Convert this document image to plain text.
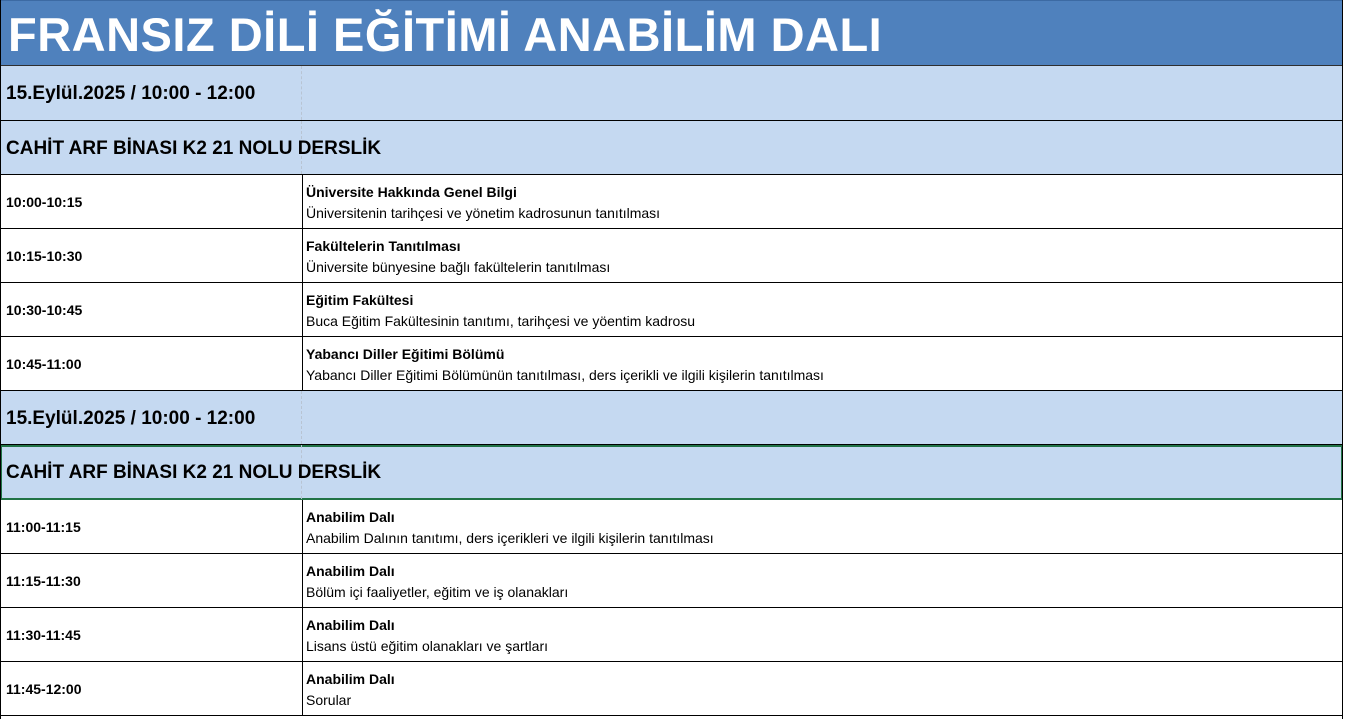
FRANSIZ DİLİ EĞİTİMİ ANABİLİM DALI
15.Eylül.2025 / 10:00 - 12:00
CAHİT ARF BİNASI K2 21 NOLU DERSLİK
10:00-10:15
Üniversite Hakkında Genel Bilgi
Üniversitenin tarihçesi ve yönetim kadrosunun tanıtılması
10:15-10:30
Fakültelerin Tanıtılması
Üniversite bünyesine bağlı fakültelerin tanıtılması
10:30-10:45
Eğitim Fakültesi
Buca Eğitim Fakültesinin tanıtımı, tarihçesi ve yöentim kadrosu
10:45-11:00
Yabancı Diller Eğitimi Bölümü
Yabancı Diller Eğitimi Bölümünün tanıtılması, ders içerikli ve ilgili kişilerin tanıtılması
15.Eylül.2025 / 10:00 - 12:00
CAHİT ARF BİNASI K2 21 NOLU DERSLİK
11:00-11:15
Anabilim Dalı
Anabilim Dalının tanıtımı, ders içerikleri ve ilgili kişilerin tanıtılması
11:15-11:30
Anabilim Dalı
Bölüm içi faaliyetler, eğitim ve iş olanakları
11:30-11:45
Anabilim Dalı
Lisans üstü eğitim olanakları ve şartları
11:45-12:00
Anabilim Dalı
Sorular
